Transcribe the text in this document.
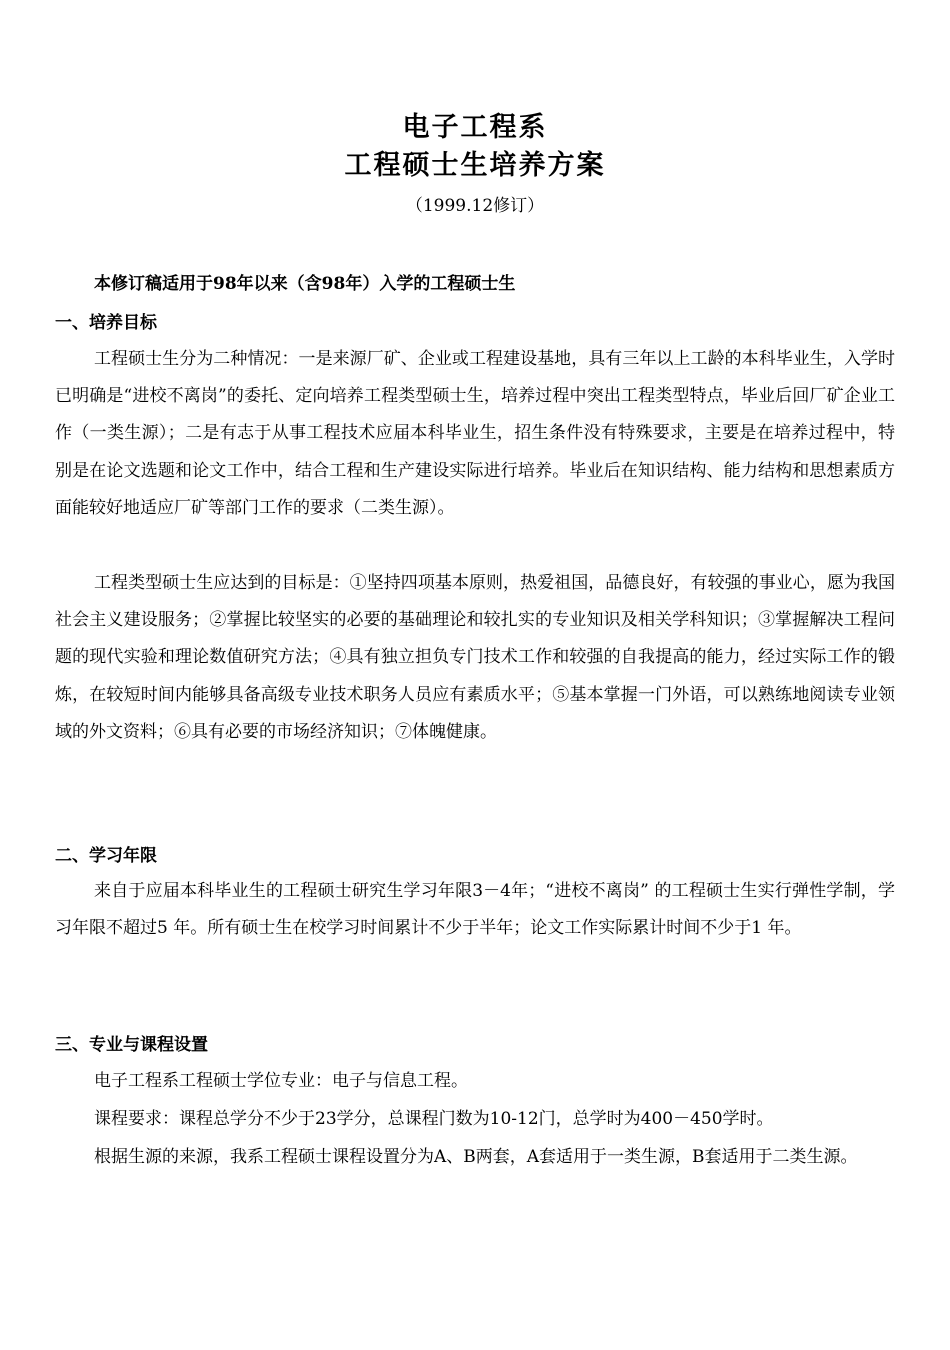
电子工程系
工程硕士生培养方案
（1999.12修订）
本修订稿适用于98年以来（含98年）入学的工程硕士生
一、培养目标

工程硕士生分为二种情况：一是来源厂矿、企业或工程建设基地，具有三年以上工龄的本科毕业生，入学时已明确是“进校不离岗”的委托、定向培养工程类型硕士生，培养过程中突出工程类型特点，毕业后回厂矿企业工作（一类生源）；二是有志于从事工程技术应届本科毕业生，招生条件没有特殊要求，主要是在培养过程中，特别是在论文选题和论文工作中，结合工程和生产建设实际进行培养。毕业后在知识结构、能力结构和思想素质方面能较好地适应厂矿等部门工作的要求（二类生源）。

工程类型硕士生应达到的目标是：①坚持四项基本原则，热爱祖国，品德良好，有较强的事业心，愿为我国社会主义建设服务；②掌握比较坚实的必要的基础理论和较扎实的专业知识及相关学科知识；③掌握解决工程问题的现代实验和理论数值研究方法；④具有独立担负专门技术工作和较强的自我提高的能力，经过实际工作的锻炼，在较短时间内能够具备高级专业技术职务人员应有素质水平；⑤基本掌握一门外语，可以熟练地阅读专业领域的外文资料；⑥具有必要的市场经济知识；⑦体魄健康。

二、学习年限

来自于应届本科毕业生的工程硕士研究生学习年限3－4年；“进校不离岗” 的工程硕士生实行弹性学制，学习年限不超过5 年。所有硕士生在校学习时间累计不少于半年；论文工作实际累计时间不少于1 年。

三、专业与课程设置

电子工程系工程硕士学位专业：电子与信息工程。

课程要求：课程总学分不少于23学分，总课程门数为10-12门，总学时为400－450学时。

根据生源的来源，我系工程硕士课程设置分为A、B两套，A套适用于一类生源，B套适用于二类生源。
